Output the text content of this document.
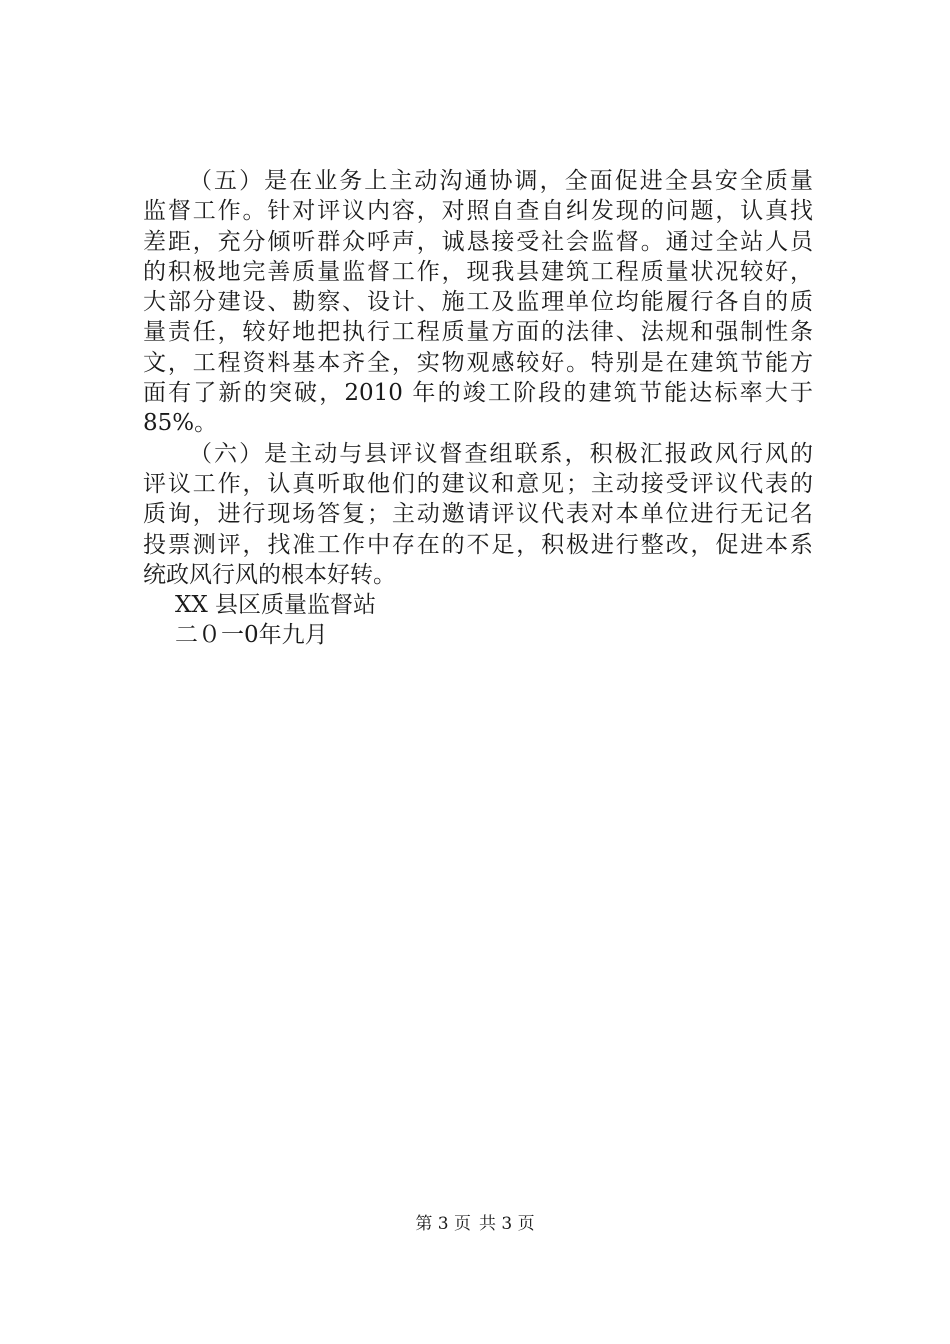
（五）是在业务上主动沟通协调，全面促进全县安全质量
监督工作。针对评议内容，对照自查自纠发现的问题，认真找
差距，充分倾听群众呼声，诚恳接受社会监督。通过全站人员
的积极地完善质量监督工作，现我县建筑工程质量状况较好，
大部分建设、勘察、设计、施工及监理单位均能履行各自的质
量责任，较好地把执行工程质量方面的法律、法规和强制性条
文，工程资料基本齐全，实物观感较好。特别是在建筑节能方
面有了新的突破，2010 年的竣工阶段的建筑节能达标率大于
85%。
（六）是主动与县评议督查组联系，积极汇报政风行风的
评议工作，认真听取他们的建议和意见；主动接受评议代表的
质询，进行现场答复；主动邀请评议代表对本单位进行无记名
投票测评，找准工作中存在的不足，积极进行整改，促进本系
统政风行风的根本好转。
XX 县区质量监督站
二０一0年九月
第 3 页 共 3 页
